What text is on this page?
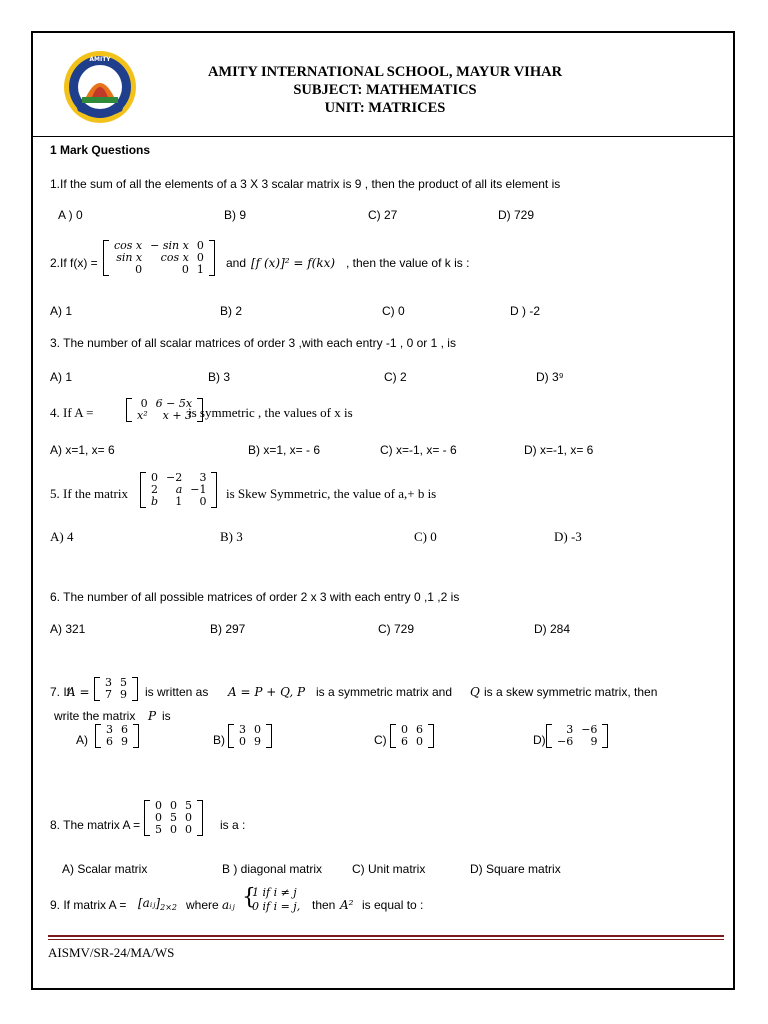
AMITY
AMITY INTERNATIONAL SCHOOL, MAYUR VIHAR
SUBJECT: MATHEMATICS
UNIT: MATRICES
1 Mark Questions
1.If the sum of all the elements of a 3 X 3 scalar matrix is 9 , then the product of all its element is
A ) 0	B) 9	C) 27	D) 729
2.If f(x) =
cos x	− sin x	0
sin x	cos x	0
0	0	1 and [f (x)]² = f(kx) , then the value of k is :
A) 1	B) 2	C) 0	D ) -2
3. The number of all scalar matrices of order 3 ,with each entry -1 , 0 or 1 , is
A) 1	B) 3	C) 2	D) 3⁹
4. If A =
0	6 − 5x
x²	x + 3
is symmetric , the values of x is
A) x=1, x= 6	B) x=1, x= - 6	C) x=-1, x= - 6	D) x=-1, x= 6
5. If the matrix
0	−2	3
2	a	−1
b	1	0
is Skew Symmetric, the value of a,+ b is
A) 4	B) 3	C) 0	D) -3
6. The number of all possible matrices of order 2 x 3 with each entry 0 ,1 ,2 is
A) 321	B) 297	C) 729	D) 284
7. If
A =
3	5
7	9 is written as A = P + Q, P is a symmetric matrix and Q is a skew symmetric matrix, then
write the matrix P is
A)
3	6
6	9	B)
3	0
0	9	C)
0	6
6	0	D)
3	−6
−6	9
8. The matrix A =
0	0	5
0	5	0
5	0	0 is a :
A) Scalar matrix	B ) diagonal matrix C) Unit matrix	D) Square matrix
9. If matrix $A = [aᵢⱼ]_{2\times 2}$ where aᵢⱼ {
1 if i ≠ j
0 if i = j, then A² is equal to :
AISMV/SR-24/MA/WS
